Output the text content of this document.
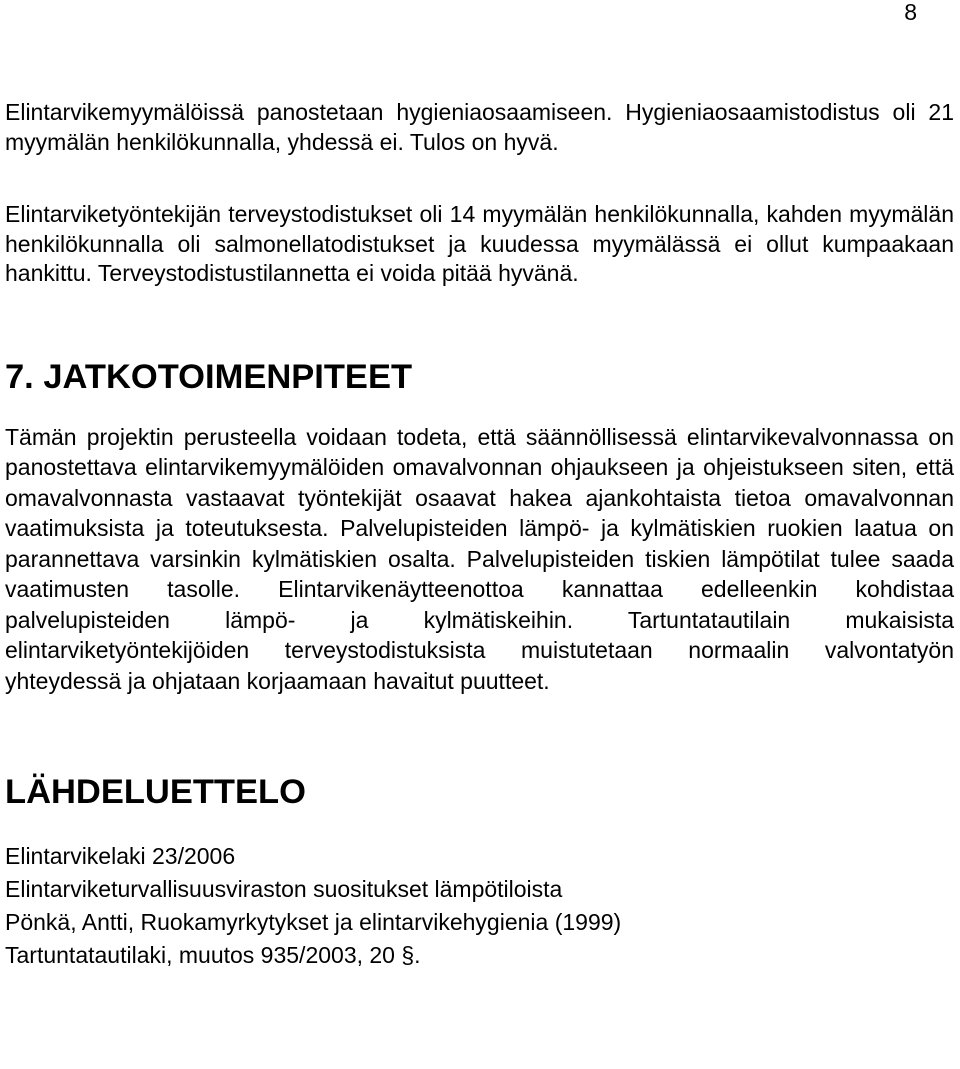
8

Elintarvikemyymälöissä panostetaan hygieniaosaamiseen. Hygieniaosaamistodistus oli 21 myymälän henkilökunnalla, yhdessä ei. Tulos on hyvä.

Elintarviketyöntekijän terveystodistukset oli 14 myymälän henkilökunnalla, kahden myymälän henkilökunnalla oli salmonellatodistukset ja kuudessa myymälässä ei ollut kumpaakaan hankittu. Terveystodistustilannetta ei voida pitää hyvänä.

7. JATKOTOIMENPITEET

Tämän projektin perusteella voidaan todeta, että säännöllisessä elintarvikevalvonnassa on panostettava elintarvikemyymälöiden omavalvonnan ohjaukseen ja ohjeistukseen siten, että omavalvonnasta vastaavat työntekijät osaavat hakea ajankohtaista tietoa omavalvonnan vaatimuksista ja toteutuksesta. Palvelupisteiden lämpö- ja kylmätiskien ruokien laatua on parannettava varsinkin kylmätiskien osalta. Palvelupisteiden tiskien lämpötilat tulee saada vaatimusten tasolle. Elintarvikenäytteenottoa kannattaa edelleenkin kohdistaa palvelupisteiden lämpö- ja kylmätiskeihin. Tartuntatautilain mukaisista elintarviketyöntekijöiden terveystodistuksista muistutetaan normaalin valvontatyön yhteydessä ja ohjataan korjaamaan havaitut puutteet.

LÄHDELUETTELO
Elintarvikelaki 23/2006
Elintarviketurvallisuusviraston suositukset lämpötiloista
Pönkä, Antti, Ruokamyrkytykset ja elintarvikehygienia (1999)
Tartuntatautilaki, muutos 935/2003, 20 §.
